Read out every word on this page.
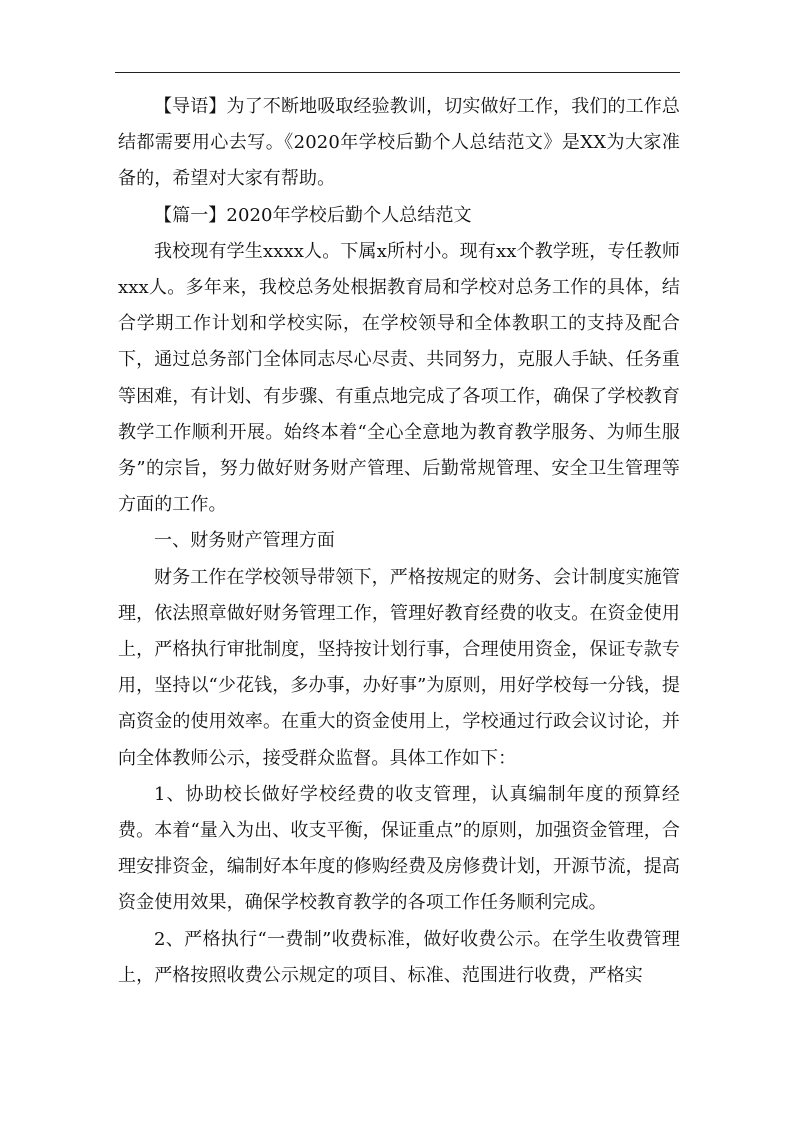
【导语】为了不断地吸取经验教训，切实做好工作，我们的工作总结都需要用心去写。《2020年学校后勤个人总结范文》是XX为大家准备的，希望对大家有帮助。

【篇一】2020年学校后勤个人总结范文

我校现有学生xxxx人。下属x所村小。现有xx个教学班，专任教师xxx人。多年来，我校总务处根据教育局和学校对总务工作的具体，结合学期工作计划和学校实际，在学校领导和全体教职工的支持及配合下，通过总务部门全体同志尽心尽责、共同努力，克服人手缺、任务重等困难，有计划、有步骤、有重点地完成了各项工作，确保了学校教育教学工作顺利开展。始终本着“全心全意地为教育教学服务、为师生服务”的宗旨，努力做好财务财产管理、后勤常规管理、安全卫生管理等方面的工作。

一、财务财产管理方面

财务工作在学校领导带领下，严格按规定的财务、会计制度实施管理，依法照章做好财务管理工作，管理好教育经费的收支。在资金使用上，严格执行审批制度，坚持按计划行事，合理使用资金，保证专款专用，坚持以“少花钱，多办事，办好事”为原则，用好学校每一分钱，提高资金的使用效率。在重大的资金使用上，学校通过行政会议讨论，并向全体教师公示，接受群众监督。具体工作如下：

1、协助校长做好学校经费的收支管理，认真编制年度的预算经费。本着“量入为出、收支平衡，保证重点”的原则，加强资金管理，合理安排资金，编制好本年度的修购经费及房修费计划，开源节流，提高资金使用效果，确保学校教育教学的各项工作任务顺利完成。

2、严格执行“一费制”收费标准，做好收费公示。在学生收费管理上，严格按照收费公示规定的项目、标准、范围进行收费，严格实
